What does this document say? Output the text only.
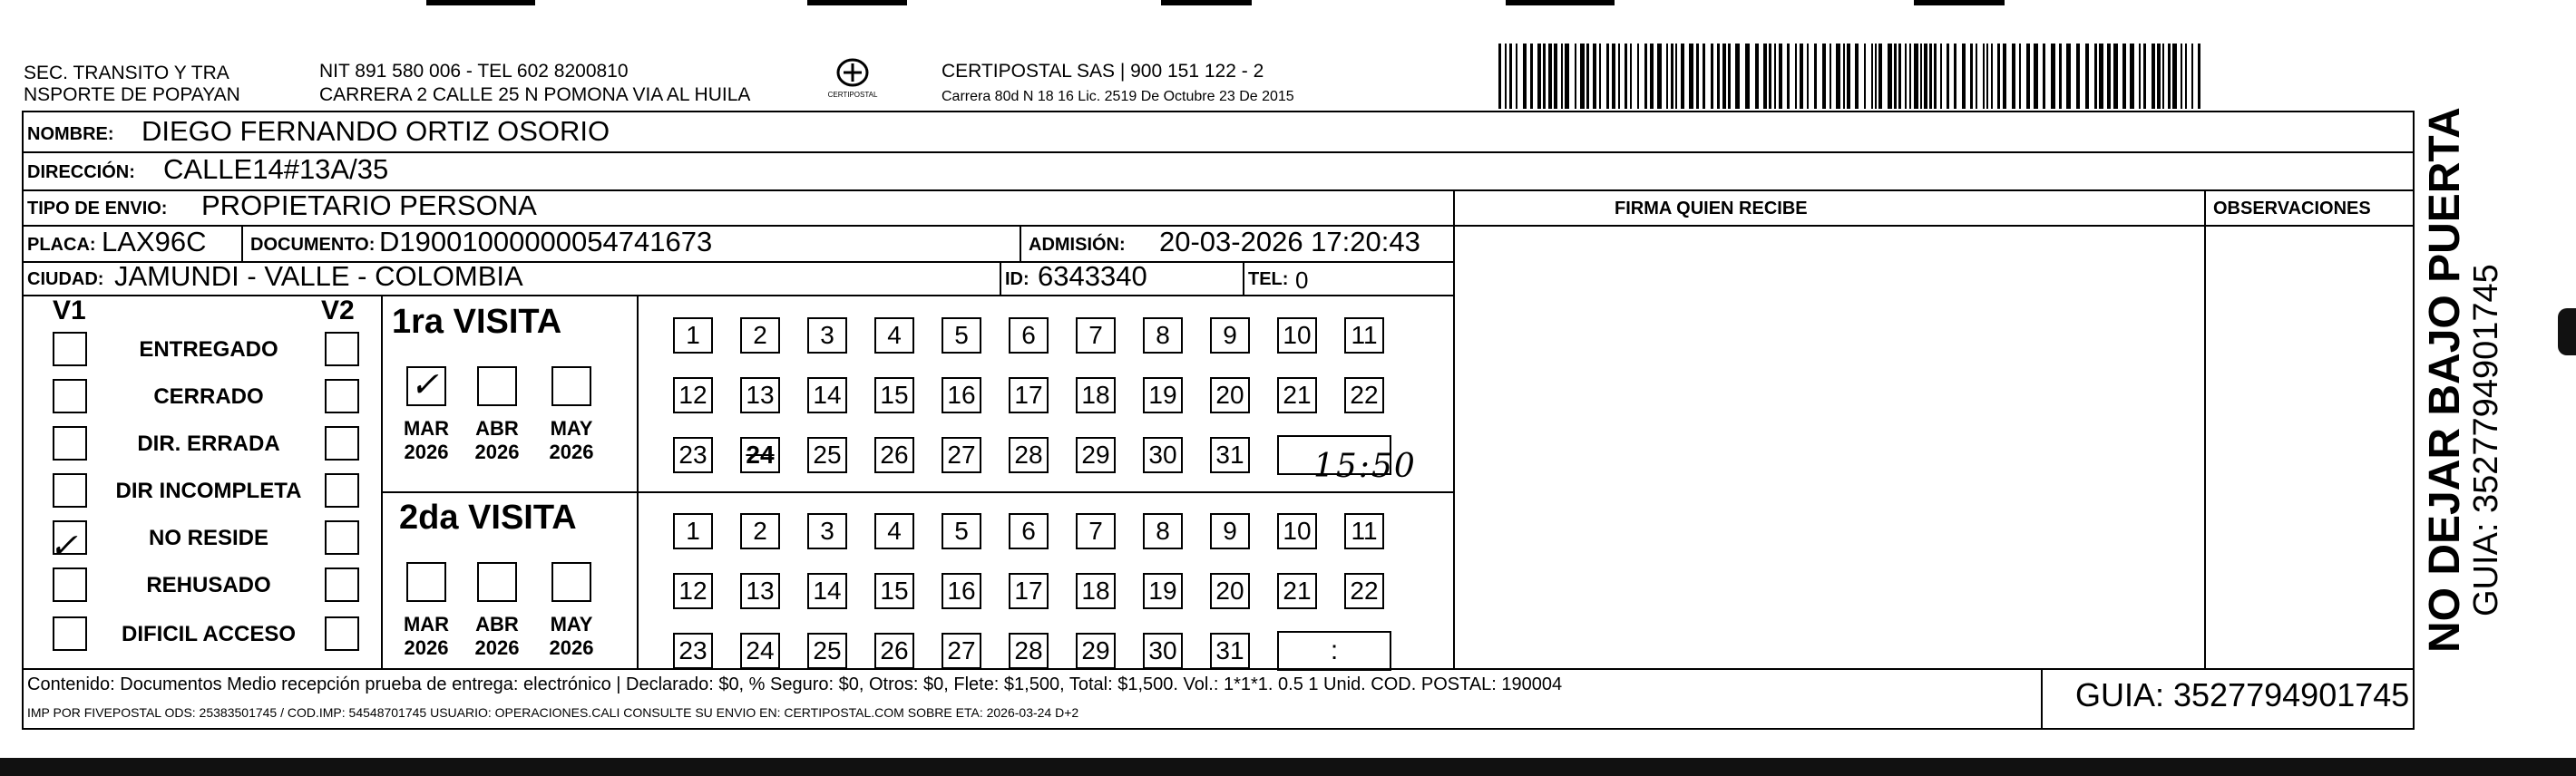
SEC. TRANSITO Y TRA
NSPORTE DE POPAYAN
NIT 891 580 006 - TEL 602 8200810
CARRERA 2 CALLE 25 N POMONA VIA AL HUILA	CERTIPOSTAL
CERTIPOSTAL SAS | 900 151 122 - 2
Carrera 80d N 18 16 Lic. 2519 De Octubre 23 De 2015
NOMBRE: DIEGO FERNANDO ORTIZ OSORIO
DIRECCIÓN: CALLE14#13A/35
TIPO DE ENVIO: PROPIETARIO PERSONA	FIRMA QUIEN RECIBE	OBSERVACIONES
PLACA: LAX96C DOCUMENTO: D19001000000054741673	ADMISIÓN: 20-03-2026 17:20:43
CIUDAD: JAMUNDI - VALLE - COLOMBIA	ID: 6343340	TEL: 0
V1	V2
ENTREGADO
CERRADO
DIR. ERRADA
DIR INCOMPLETA
NO RESIDE
REHUSADO
DIFICIL ACCESO
1ra VISITA
2da VISITA
MAR
2026
ABR
2026
MAY
2026
1	2	3	4	5	6	7	8	9	10 11
12 13 14 15 16 17 18 19 20 21 22
23 24 25 26 27 28 29 30 31
MAR
2026
ABR
2026
MAY
2026
1	2	3	4	5	6	7	8	9	10 11
12 13 14 15 16 17 18 19 20 21 22
23 24 25 26 27 28 29 30 31	:
✓
✓
15:50
Contenido: Documentos Medio recepción prueba de entrega: electrónico | Declarado: $0, % Seguro: $0, Otros: $0, Flete: $1,500, Total: $1,500. Vol.: 1*1*1. 0.5 1 Unid. COD. POSTAL: 190004
IMP POR FIVEPOSTAL ODS: 25383501745 / COD.IMP: 54548701745 USUARIO: OPERACIONES.CALI CONSULTE SU ENVIO EN: CERTIPOSTAL.COM SOBRE ETA: 2026-03-24 D+2	GUIA: 3527794901745
NO DEJAR BAJO PUERTA
GUIA: 3527794901745
